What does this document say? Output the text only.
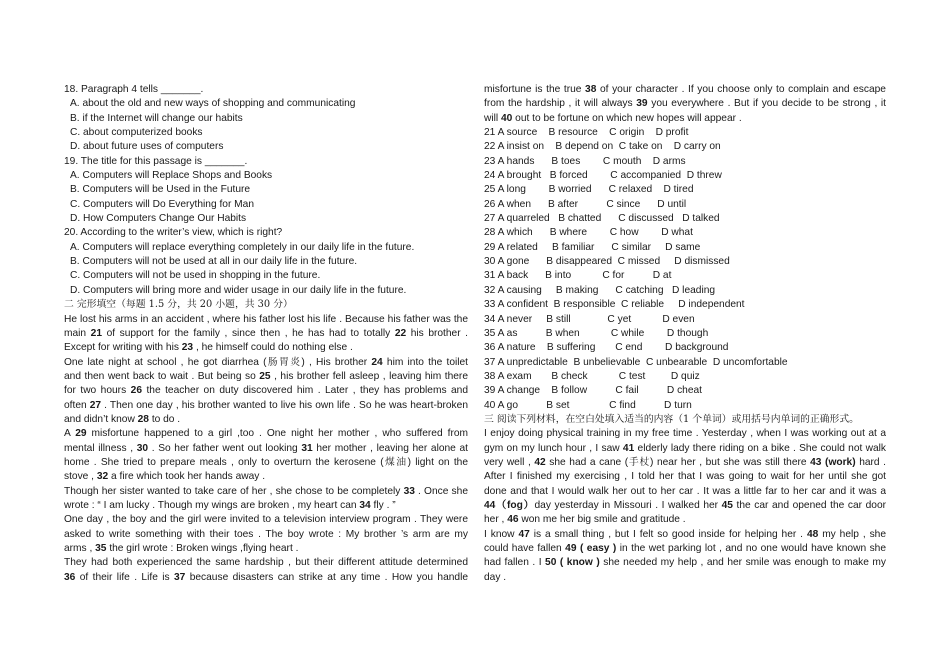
18. Paragraph 4 tells _______.
A. about the old and new ways of shopping and communicating
B. if the Internet will change our habits
C. about computerized books
D. about future uses of computers
19. The title for this passage is _______.
A. Computers will Replace Shops and Books
B. Computers will be Used in the Future
C. Computers will Do Everything for Man
D. How Computers Change Our Habits
20. According to the writer’s view, which is right?
A. Computers will replace everything completely in our daily life in the future.
B. Computers will not be used at all in our daily life in the future.
C. Computers will not be used in shopping in the future.
D. Computers will bring more and wider usage in our daily life in the future.
二 完形填空（每题 1.5 分，共 20 小题，共 30 分）
He lost his arms in an accident , where his father lost his life . Because his father was the
main 21 of support for the family , since then , he has had to totally 22 his brother .
Except for writing with his 23 , he himself could do nothing else .
One late night at school , he got diarrhea (肠胃炎) , His brother 24 him into the toilet
and then went back to wait . But being so 25 , his brother fell asleep , leaving him there
for two hours 26 the teacher on duty discovered him . Later , they has problems and
often 27 . Then one day , his brother wanted to live his own life . So he was heart-broken
and didn’t know 28 to do .
A 29 misfortune happened to a girl ,too . One night her mother , who suffered from
mental illness , 30 . So her father went out looking 31 her mother , leaving her alone at
home . She tried to prepare meals , only to overturn the kerosene (煤油) light on the
stove , 32 a fire which took her hands away .
Though her sister wanted to take care of her , she chose to be completely 33 . Once she
wrote : “ I am lucky . Though my wings are broken , my heart can 34 fly . ”
One day , the boy and the girl were invited to a television interview program . They were
asked to write something with their toes . The boy wrote : My brother ’s arm are my
arms , 35 the girl wrote : Broken wings ,flying heart .
They had both experienced the same hardship , but their different attitude determined
36 of their life . Life is 37 because disasters can strike at any time . How you handle
misfortune is the true 38 of your character . If you choose only to complain and escape
from the hardship , it will always 39 you everywhere . But if you decide to be strong , it
will 40 out to be fortune on which new hopes will appear .
21 A source    B resource    C origin    D profit
22 A insist on    B depend on  C take on    D carry on
23 A hands      B toes        C mouth    D arms
24 A brought   B forced        C accompanied  D threw
25 A long        B worried      C relaxed    D tired
26 A when      B after          C since      D until
27 A quarreled   B chatted      C discussed   D talked
28 A which      B where        C how        D what
29 A related     B familiar      C similar     D same
30 A gone      B disappeared  C missed     D dismissed
31 A back      B into           C for          D at
32 A causing     B making      C catching   D leading
33 A confident  B responsible  C reliable     D independent
34 A never     B still             C yet           D even
35 A as          B when           C while        D though
36 A nature    B suffering       C end        D background
37 A unpredictable  B unbelievable  C unbearable  D uncomfortable
38 A exam       B check           C test         D quiz
39 A change    B follow          C fail          D cheat
40 A go          B set              C find          D turn
三 阅读下列材料，在空白处填入适当的内容（1 个单词）或用括号内单词的正确形式。
I enjoy doing physical training in my free time . Yesterday , when I was working out at a
gym on my lunch hour , I saw 41 elderly lady there riding on a bike . She could not walk
very well , 42 she had a cane (手杖) near her , but she was still there 43 (work) hard .
After I finished my exercising , I told her that I was going to wait for her until she got
done and that I would walk her out to her car . It was a little far to her car and it was a
44（fog）day yesterday in Missouri . I walked her 45 the car and opened the car door
her , 46 won me her big smile and gratitude .
I know 47 is a small thing , but I felt so good inside for helping her . 48 my help , she
could have fallen 49 ( easy ) in the wet parking lot , and no one would have known she
had fallen . I 50 ( know ) she needed my help , and her smile was enough to make my
day .
